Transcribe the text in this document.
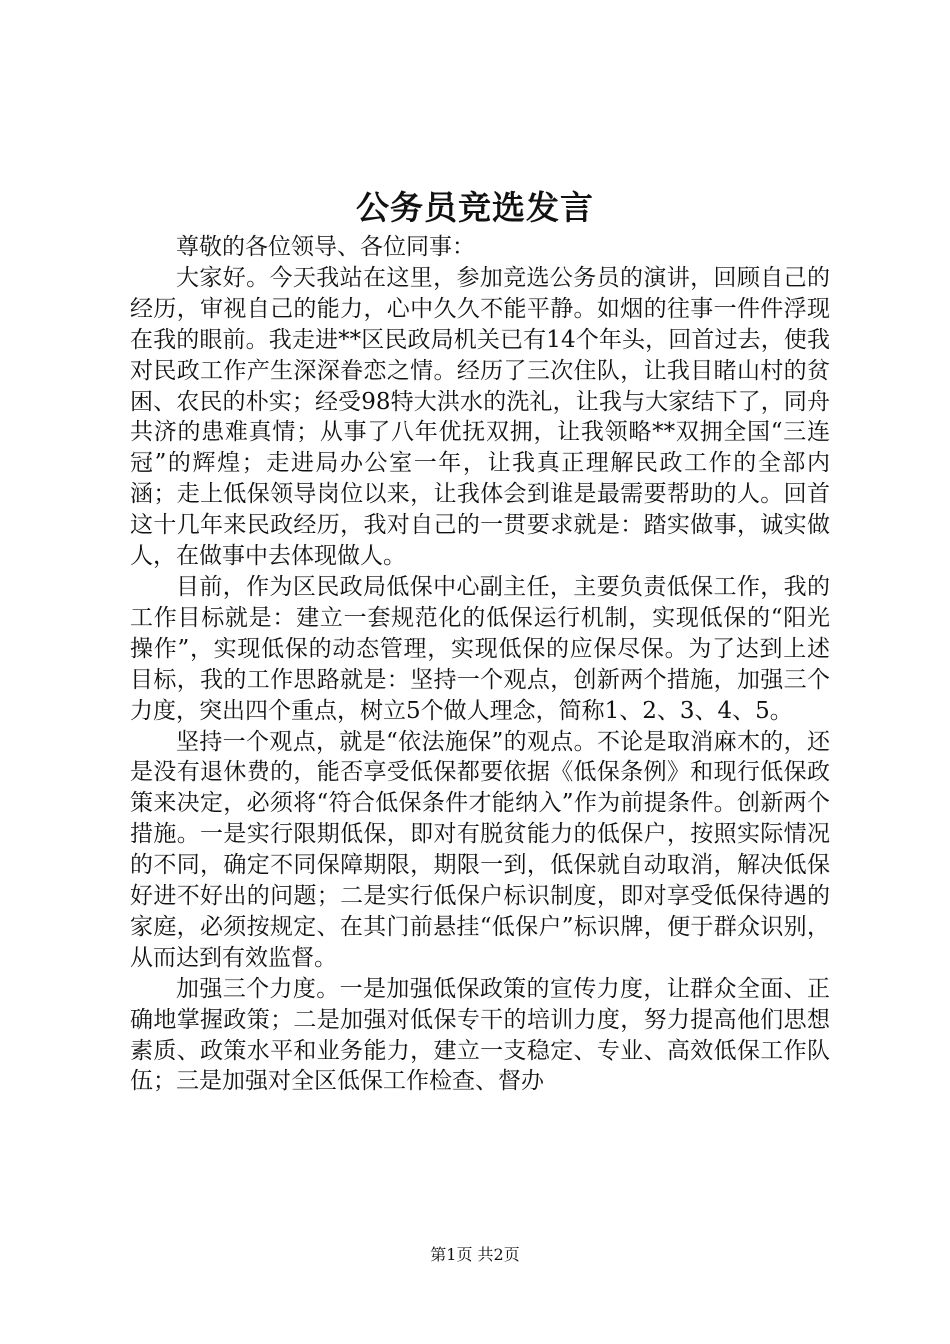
公务员竞选发言

尊敬的各位领导、各位同事：

大家好。今天我站在这里，参加竞选公务员的演讲，回顾自己的经历，审视自己的能力，心中久久不能平静。如烟的往事一件件浮现在我的眼前。我走进**区民政局机关已有14个年头，回首过去，使我对民政工作产生深深眷恋之情。经历了三次住队，让我目睹山村的贫困、农民的朴实；经受98特大洪水的洗礼，让我与大家结下了，同舟共济的患难真情；从事了八年优抚双拥，让我领略**双拥全国“三连冠”的辉煌；走进局办公室一年，让我真正理解民政工作的全部内涵；走上低保领导岗位以来，让我体会到谁是最需要帮助的人。回首这十几年来民政经历，我对自己的一贯要求就是：踏实做事，诚实做人，在做事中去体现做人。

目前，作为区民政局低保中心副主任，主要负责低保工作，我的工作目标就是：建立一套规范化的低保运行机制，实现低保的“阳光操作”，实现低保的动态管理，实现低保的应保尽保。为了达到上述目标，我的工作思路就是：坚持一个观点，创新两个措施，加强三个力度，突出四个重点，树立5个做人理念，简称1、2、3、4、5。

坚持一个观点，就是“依法施保”的观点。不论是取消麻木的，还是没有退休费的，能否享受低保都要依据《低保条例》和现行低保政策来决定，必须将“符合低保条件才能纳入”作为前提条件。创新两个措施。一是实行限期低保，即对有脱贫能力的低保户，按照实际情况的不同，确定不同保障期限，期限一到，低保就自动取消，解决低保好进不好出的问题；二是实行低保户标识制度，即对享受低保待遇的家庭，必须按规定、在其门前悬挂“低保户”标识牌，便于群众识别，从而达到有效监督。

加强三个力度。一是加强低保政策的宣传力度，让群众全面、正确地掌握政策；二是加强对低保专干的培训力度，努力提高他们思想素质、政策水平和业务能力，建立一支稳定、专业、高效低保工作队伍；三是加强对全区低保工作检查、督办

第1页 共2页
